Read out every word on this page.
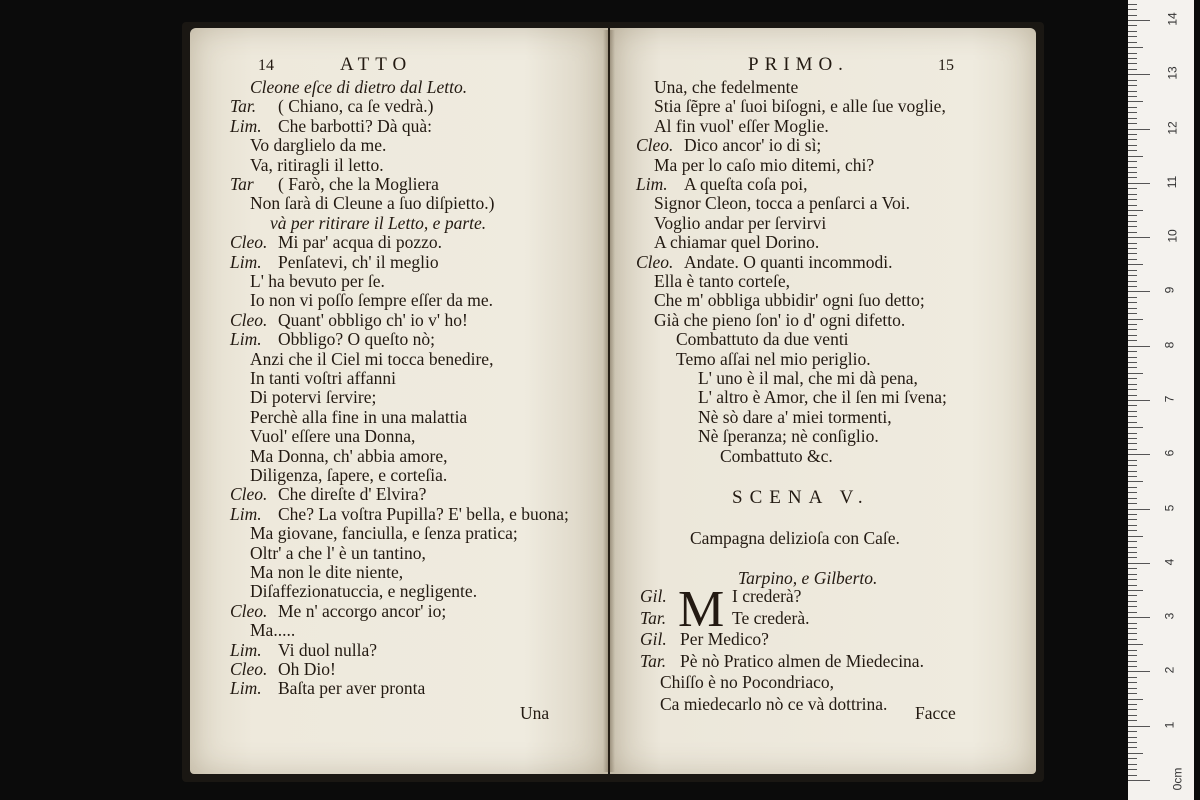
14	ATTO
Cleone eſce di dietro dal Letto.
Tar. ( Chiano, ca ſe vedrà.)
Lim. Che barbotti? Dà quà:
Vo darglielo da me.
Va, ritiragli il letto.
Tar ( Farò, che la Mogliera
Non ſarà di Cleune a ſuo diſpietto.)
và per ritirare il Letto, e parte.
Cleo. Mi par' acqua di pozzo.
Lim. Penſatevi, ch' il meglio
L' ha bevuto per ſe.
Io non vi poſſo ſempre eſſer da me.
Cleo. Quant' obbligo ch' io v' ho!
Lim. Obbligo? O queſto nò;
Anzi che il Ciel mi tocca benedire,
In tanti voſtri affanni
Di potervi ſervire;
Perchè alla fine in una malattia
Vuol' eſſere una Donna,
Ma Donna, ch' abbia amore,
Diligenza, ſapere, e corteſia.
Cleo. Che direſte d' Elvira?
Lim. Che? La voſtra Pupilla? E' bella, e buona;
Ma giovane, fanciulla, e ſenza pratica;
Oltr' a che l' è un tantino,
Ma non le dite niente,
Diſaffezionatuccia, e negligente.
Cleo. Me n' accorgo ancor' io;
Ma.....
Lim. Vi duol nulla?
Cleo. Oh Dio!
Lim. Baſta per aver pronta
Una
PRIMO.	15
Una, che fedelmente
Stia ſẽpre a' ſuoi biſogni, e alle ſue voglie,
Al fin vuol' eſſer Moglie.
Cleo. Dico ancor' io di sì;
Ma per lo caſo mio ditemi, chi?
Lim. A queſta coſa poi,
Signor Cleon, tocca a penſarci a Voi.
Voglio andar per ſervirvi
A chiamar quel Dorino.
Cleo. Andate. O quanti incommodi.
Ella è tanto corteſe,
Che m' obbliga ubbidir' ogni ſuo detto;
Già che pieno ſon' io d' ogni difetto.
Combattuto da due venti
Temo aſſai nel mio periglio.
L' uno è il mal, che mi dà pena,
L' altro è Amor, che il ſen mi ſvena;
Nè sò dare a' miei tormenti,
Nè ſperanza; nè conſiglio.
Combattuto &c.
SCENA V.
Campagna delizioſa con Caſe.
Tarpino, e Gilberto.
M
Gil.	I crederà?
Tar.	Te crederà.
Gil. Per Medico?
Tar. Pè nò Pratico almen de Miedecina.
Chiſſo è no Pocondriaco,
Ca miedecarlo nò ce và dottrina. Facce
0cm
1
2
3
4
5
6
7
8
9
10
11
12
13
14
